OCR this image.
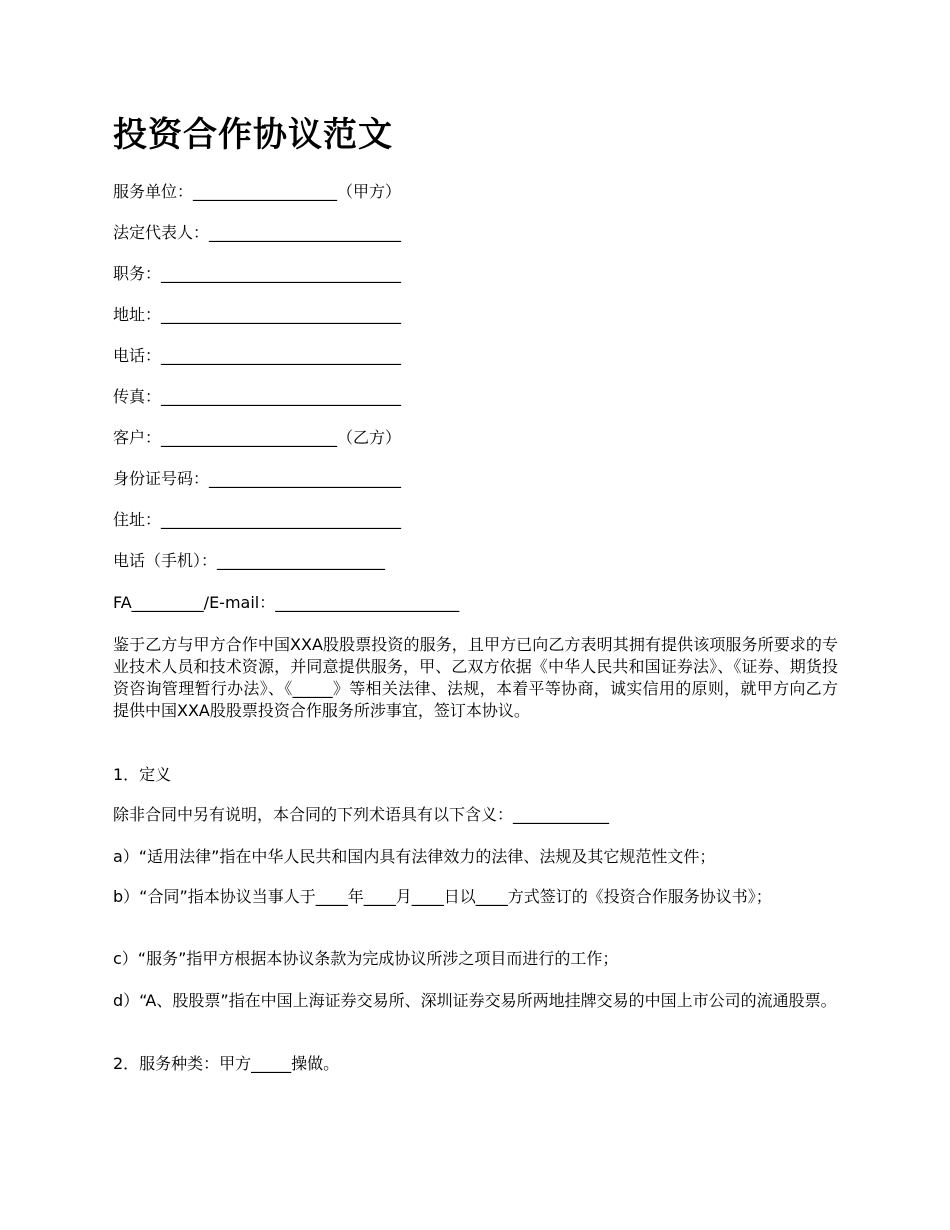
投资合作协议范文
服务单位：__________________（甲方）
法定代表人：________________________
职务：______________________________
地址：______________________________
电话：______________________________
传真：______________________________
客户：______________________（乙方）
身份证号码：________________________
住址：______________________________
电话（手机）：_____________________
FA_________/E-mail：_______________________
鉴于乙方与甲方合作中国XXA股股票投资的服务，且甲方已向乙方表明其拥有提供该项服务所要求的专业技术人员和技术资源，并同意提供服务，甲、乙双方依据《中华人民共和国证券法》、《证券、期货投资咨询管理暂行办法》、《_____》等相关法律、法规，本着平等协商，诚实信用的原则，就甲方向乙方提供中国XXA股股票投资合作服务所涉事宜，签订本协议。
1．定义
除非合同中另有说明，本合同的下列术语具有以下含义：____________
a）“适用法律”指在中华人民共和国内具有法律效力的法律、法规及其它规范性文件；
b）“合同”指本协议当事人于____年____月____日以____方式签订的《投资合作服务协议书》；
c）“服务”指甲方根据本协议条款为完成协议所涉之项目而进行的工作；
d）“A、股股票”指在中国上海证券交易所、深圳证券交易所两地挂牌交易的中国上市公司的流通股票。
2．服务种类：甲方_____操做。
